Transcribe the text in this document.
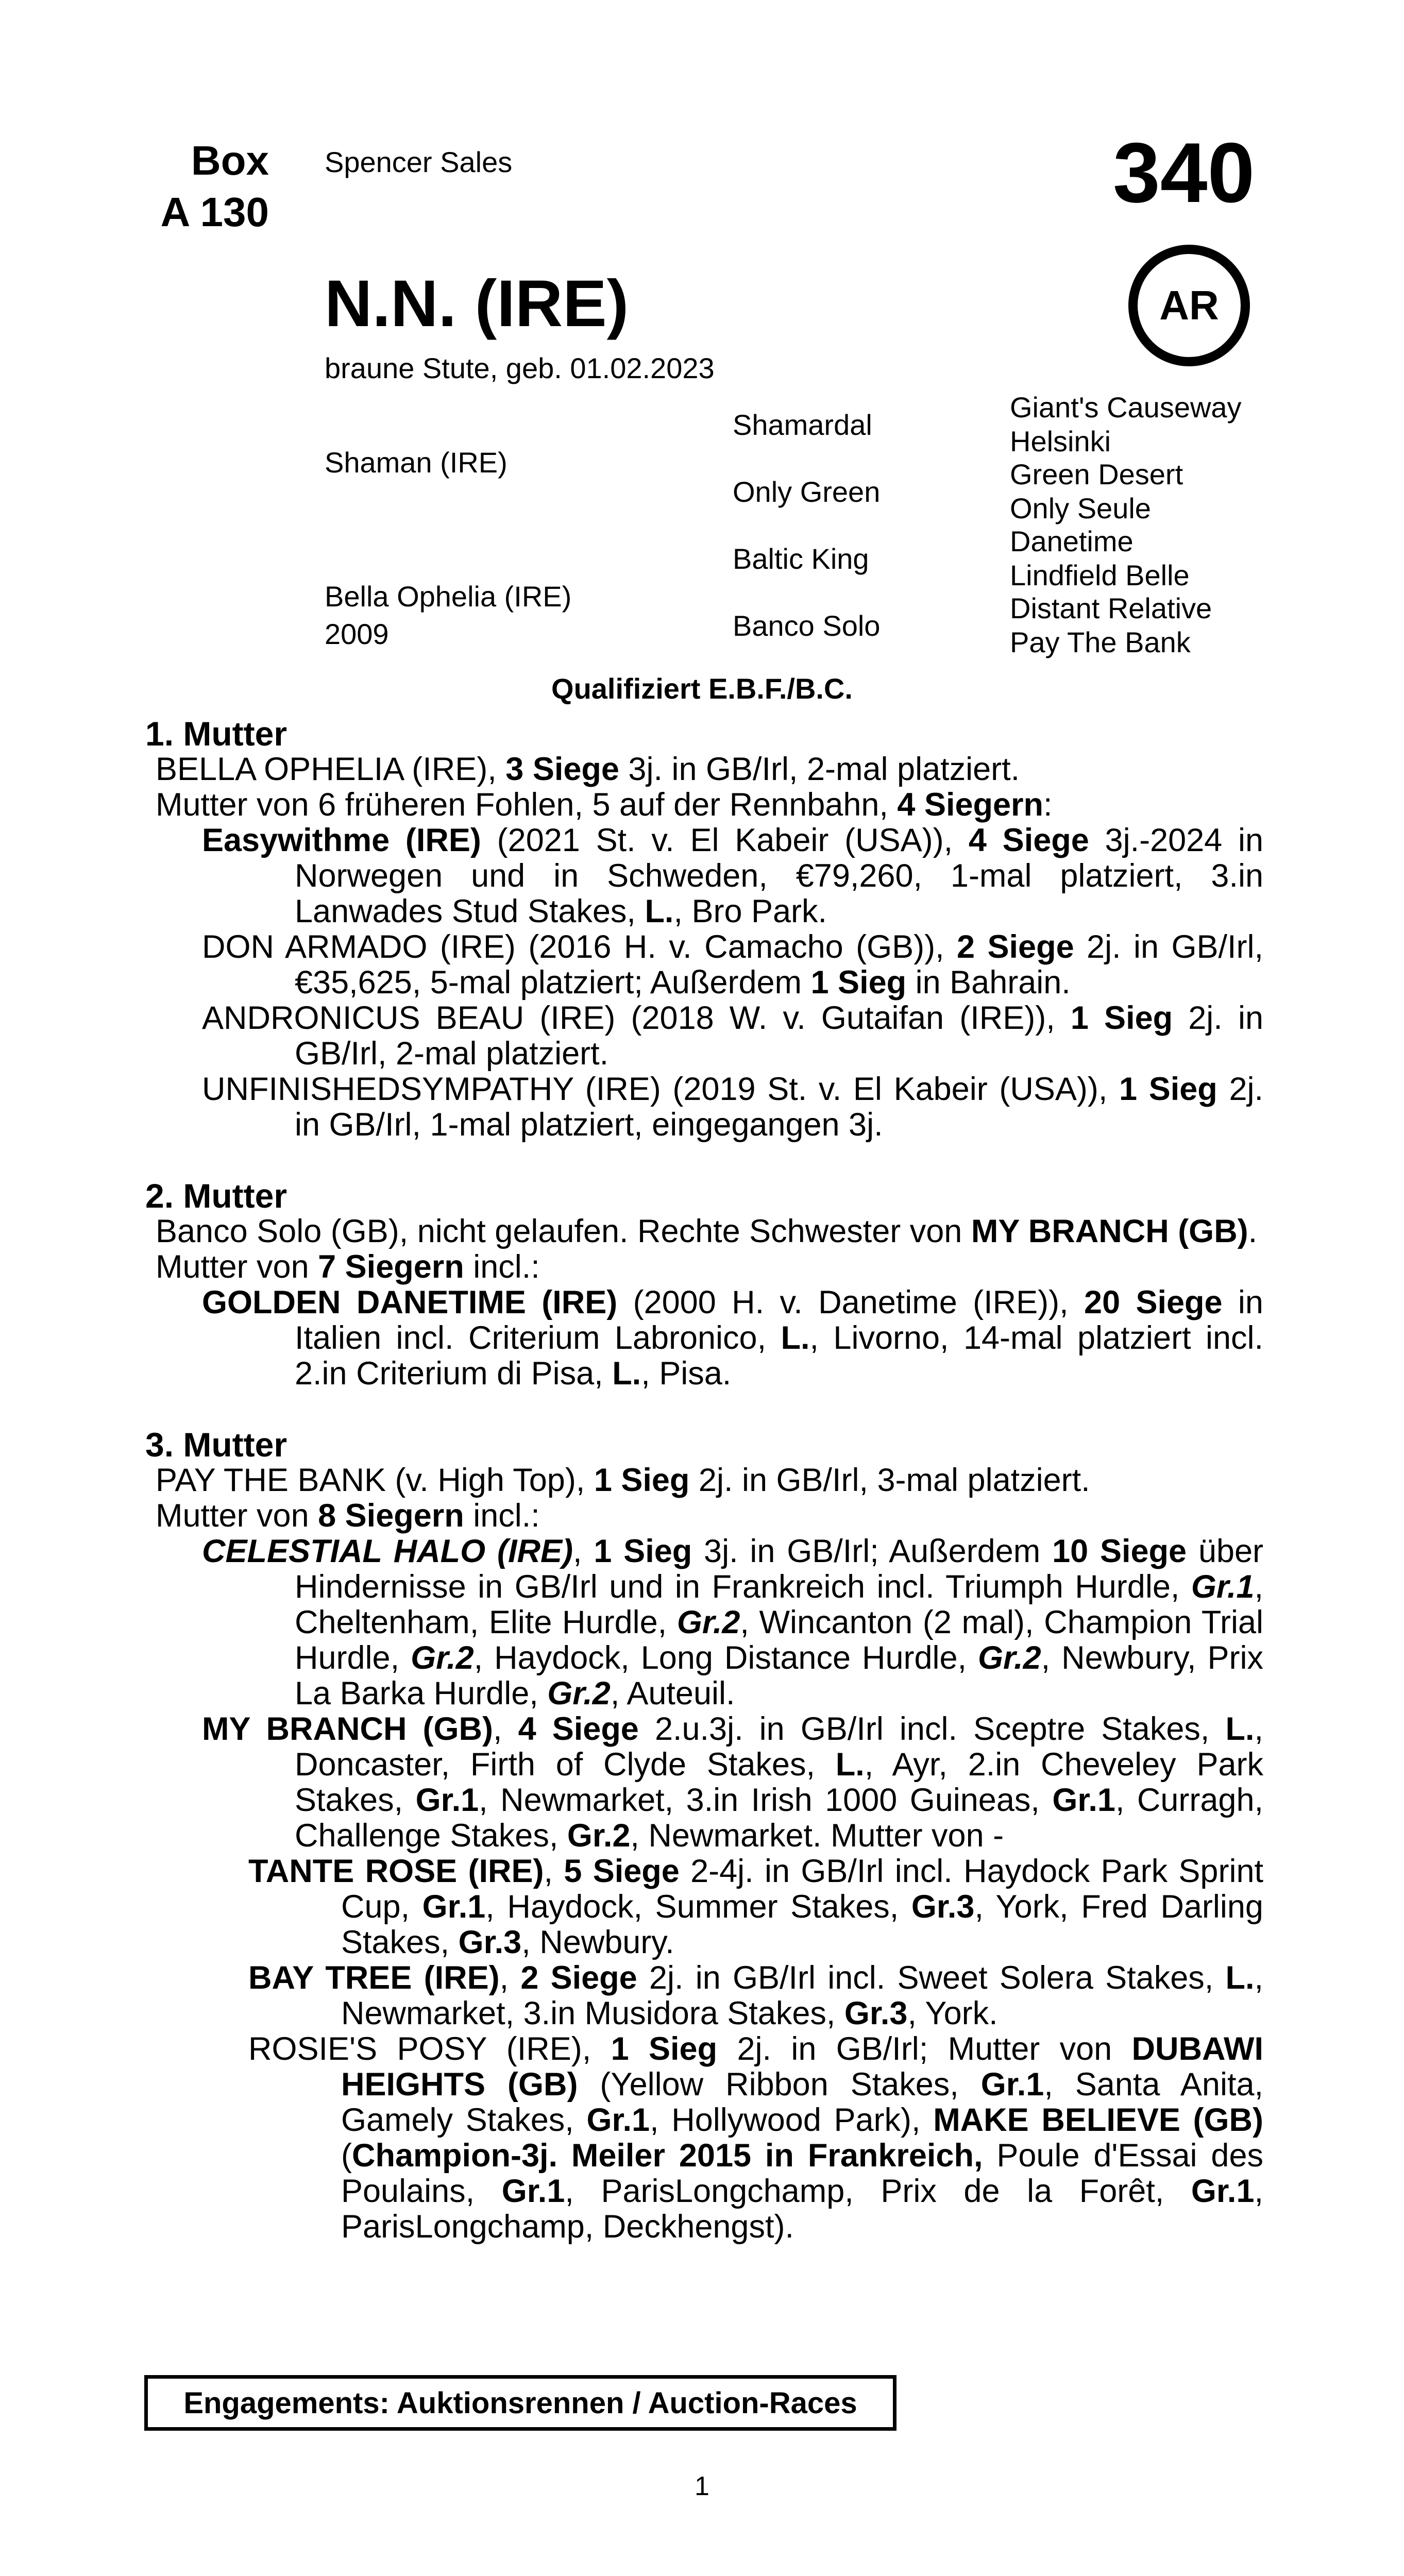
Box
A 130
Spencer Sales	340
AR
N.N. (IRE)
braune Stute, geb. 01.02.2023
Shaman (IRE)
Bella Ophelia (IRE)
2009
Shamardal
Only Green
Baltic King
Banco Solo
Giant's Causeway
Helsinki
Green Desert
Only Seule
Danetime
Lindfield Belle
Distant Relative
Pay The Bank
Qualifiziert E.B.F./B.C.
1. Mutter
BELLA OPHELIA (IRE), 3 Siege 3j. in GB/Irl, 2-mal platziert.
Mutter von 6 früheren Fohlen, 5 auf der Rennbahn, 4 Siegern:
Easywithme (IRE) (2021 St. v. El Kabeir (USA)), 4 Siege 3j.-2024 in Norwegen und in Schweden, €79,260, 1-mal platziert, 3.in Lanwades Stud Stakes, L., Bro Park.
DON ARMADO (IRE) (2016 H. v. Camacho (GB)), 2 Siege 2j. in GB/Irl, €35,625, 5-mal platziert; Außerdem 1 Sieg in Bahrain.
ANDRONICUS BEAU (IRE) (2018 W. v. Gutaifan (IRE)), 1 Sieg 2j. in GB/Irl, 2-mal platziert.
UNFINISHEDSYMPATHY (IRE) (2019 St. v. El Kabeir (USA)), 1 Sieg 2j. in GB/Irl, 1-mal platziert, eingegangen 3j.
2. Mutter
Banco Solo (GB), nicht gelaufen. Rechte Schwester von MY BRANCH (GB).
Mutter von 7 Siegern incl.:
GOLDEN DANETIME (IRE) (2000 H. v. Danetime (IRE)), 20 Siege in Italien incl. Criterium Labronico, L., Livorno, 14-mal platziert incl. 2.in Criterium di Pisa, L., Pisa.
3. Mutter
PAY THE BANK (v. High Top), 1 Sieg 2j. in GB/Irl, 3-mal platziert.
Mutter von 8 Siegern incl.:
CELESTIAL HALO (IRE), 1 Sieg 3j. in GB/Irl; Außerdem 10 Siege über Hindernisse in GB/Irl und in Frankreich incl. Triumph Hurdle, Gr.1, Cheltenham, Elite Hurdle, Gr.2, Wincanton (2 mal), Champion Trial Hurdle, Gr.2, Haydock, Long Distance Hurdle, Gr.2, Newbury, Prix La Barka Hurdle, Gr.2, Auteuil.
MY BRANCH (GB), 4 Siege 2.u.3j. in GB/Irl incl. Sceptre Stakes, L., Doncaster, Firth of Clyde Stakes, L., Ayr, 2.in Cheveley Park Stakes, Gr.1, Newmarket, 3.in Irish 1000 Guineas, Gr.1, Curragh, Challenge Stakes, Gr.2, Newmarket. Mutter von -
TANTE ROSE (IRE), 5 Siege 2-4j. in GB/Irl incl. Haydock Park Sprint Cup, Gr.1, Haydock, Summer Stakes, Gr.3, York, Fred Darling Stakes, Gr.3, Newbury.
BAY TREE (IRE), 2 Siege 2j. in GB/Irl incl. Sweet Solera Stakes, L., Newmarket, 3.in Musidora Stakes, Gr.3, York.
ROSIE'S POSY (IRE), 1 Sieg 2j. in GB/Irl; Mutter von DUBAWI HEIGHTS (GB) (Yellow Ribbon Stakes, Gr.1, Santa Anita, Gamely Stakes, Gr.1, Hollywood Park), MAKE BELIEVE (GB) (Champion-3j. Meiler 2015 in Frankreich, Poule d'Essai des Poulains, Gr.1, ParisLongchamp, Prix de la Forêt, Gr.1, ParisLongchamp, Deckhengst).
Engagements: Auktionsrennen / Auction-Races
1
